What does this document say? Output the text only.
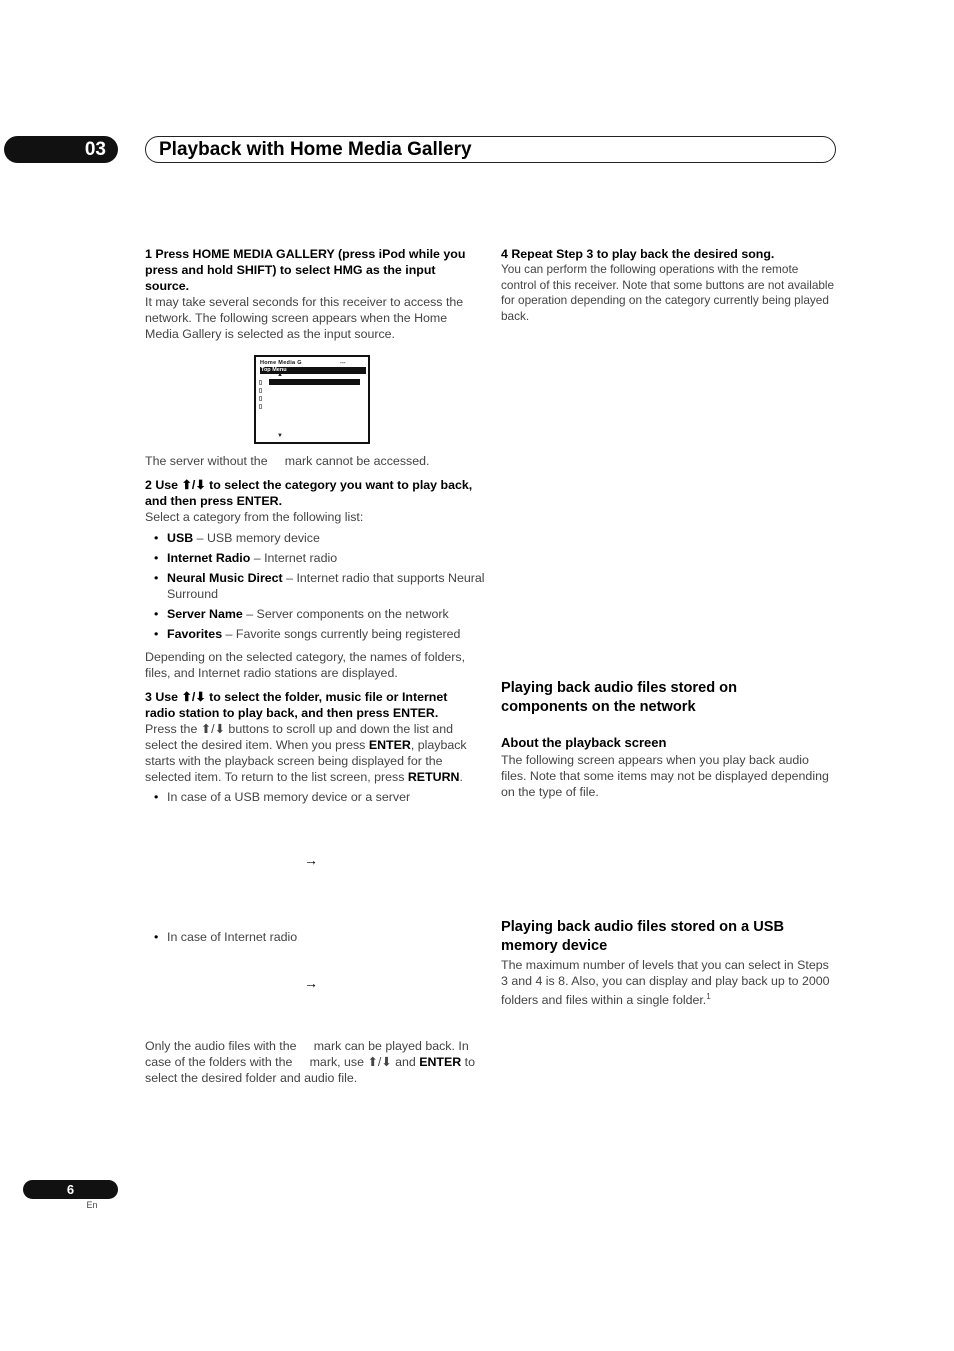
03	Playback with Home Media Gallery
1 Press HOME MEDIA GALLERY (press iPod while you press and hold SHIFT) to select HMG as the input source.
It may take several seconds for this receiver to access the network. The following screen appears when the Home Media Gallery is selected as the input source.
Home Media G	---
Top Menu
▲
▼
The server without the     mark cannot be accessed.
2 Use ⬆/⬇ to select the category you want to play back, and then press ENTER.
Select a category from the following list:
• USB – USB memory device
• Internet Radio – Internet radio
• Neural Music Direct – Internet radio that supports Neural Surround
• Server Name – Server components on the network
• Favorites – Favorite songs currently being registered
Depending on the selected category, the names of folders, files, and Internet radio stations are displayed.
3 Use ⬆/⬇ to select the folder, music file or Internet radio station to play back, and then press ENTER.
Press the ⬆/⬇ buttons to scroll up and down the list and select the desired item. When you press ENTER, playback starts with the playback screen being displayed for the selected item. To return to the list screen, press RETURN.
• In case of a USB memory device or a server
→
• In case of Internet radio
→
Only the audio files with the     mark can be played back. In case of the folders with the     mark, use ⬆/⬇ and ENTER to select the desired folder and audio file.
4 Repeat Step 3 to play back the desired song.
You can perform the following operations with the remote control of this receiver. Note that some buttons are not available for operation depending on the category currently being played back.
Playing back audio files stored on components on the network
About the playback screen
The following screen appears when you play back audio files. Note that some items may not be displayed depending on the type of file.
Playing back audio files stored on a USB memory device
The maximum number of levels that you can select in Steps 3 and 4 is 8. Also, you can display and play back up to 2000 folders and files within a single folder.$^1$
6
En
